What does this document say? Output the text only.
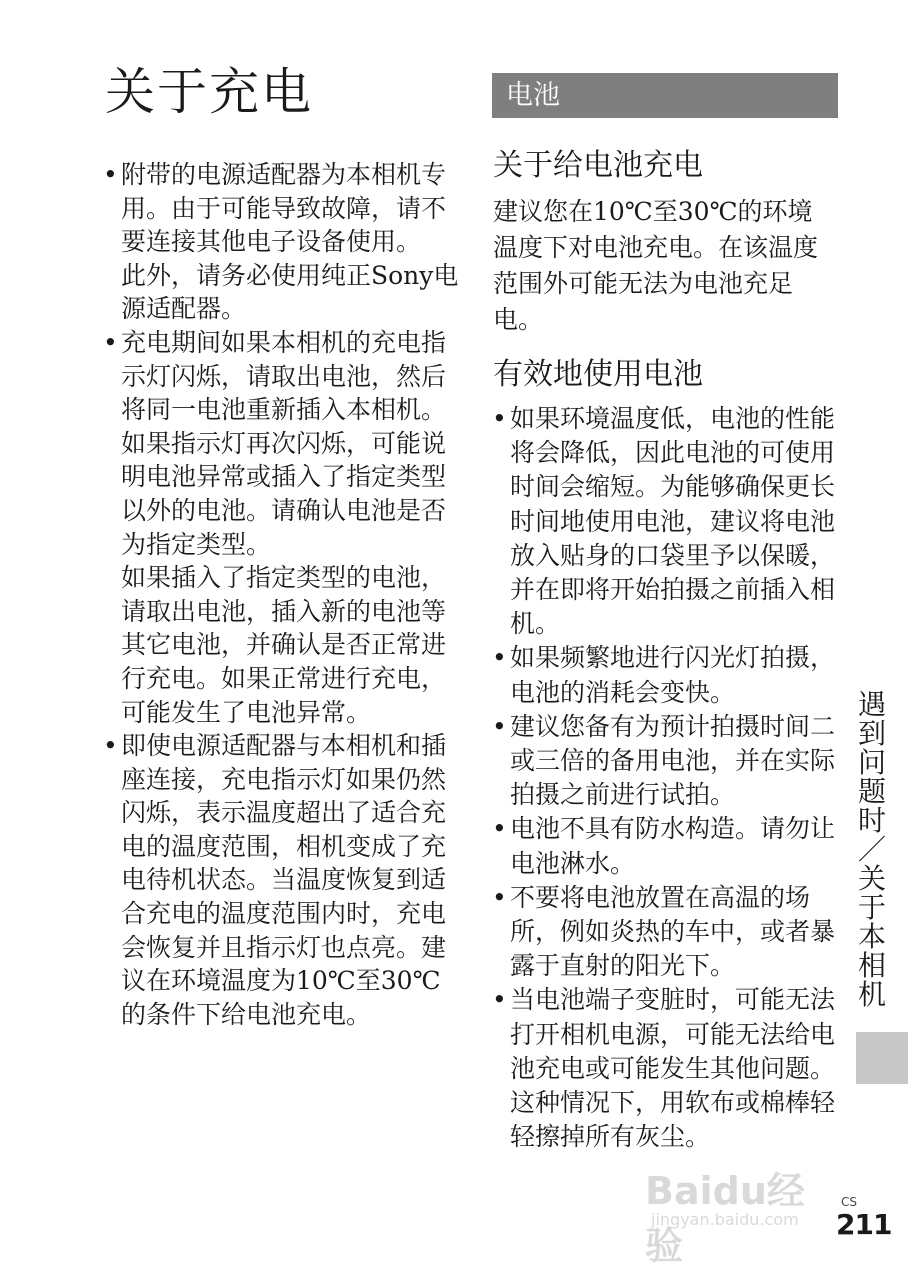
关于充电

• 附带的电源适配器为本相机专用。由于可能导致故障，请不要连接其他电子设备使用。

此外，请务必使用纯正Sony电源适配器。

• 充电期间如果本相机的充电指示灯闪烁，请取出电池，然后将同一电池重新插入本相机。如果指示灯再次闪烁，可能说明电池异常或插入了指定类型以外的电池。请确认电池是否为指定类型。

如果插入了指定类型的电池，请取出电池，插入新的电池等其它电池，并确认是否正常进行充电。如果正常进行充电，可能发生了电池异常。

• 即使电源适配器与本相机和插座连接，充电指示灯如果仍然闪烁，表示温度超出了适合充电的温度范围，相机变成了充电待机状态。当温度恢复到适合充电的温度范围内时，充电会恢复并且指示灯也点亮。建议在环境温度为10℃至30℃的条件下给电池充电。

电池
关于给电池充电

建议您在10℃至30℃的环境温度下对电池充电。在该温度范围外可能无法为电池充足电。

有效地使用电池
• 如果环境温度低，电池的性能将会降低，因此电池的可使用时间会缩短。为能够确保更长时间地使用电池，建议将电池放入贴身的口袋里予以保暖，并在即将开始拍摄之前插入相机。
• 如果频繁地进行闪光灯拍摄，电池的消耗会变快。
• 建议您备有为预计拍摄时间二或三倍的备用电池，并在实际拍摄之前进行试拍。
• 电池不具有防水构造。请勿让电池淋水。
• 不要将电池放置在高温的场所，例如炎热的车中，或者暴露于直射的阳光下。
• 当电池端子变脏时，可能无法打开相机电源，可能无法给电池充电或可能发生其他问题。这种情况下，用软布或棉棒轻轻擦掉所有灰尘。
遇
到
问
题
时
／
关
于
本
相
机
Baidu经验
jingyan.baidu.com
CS
211
